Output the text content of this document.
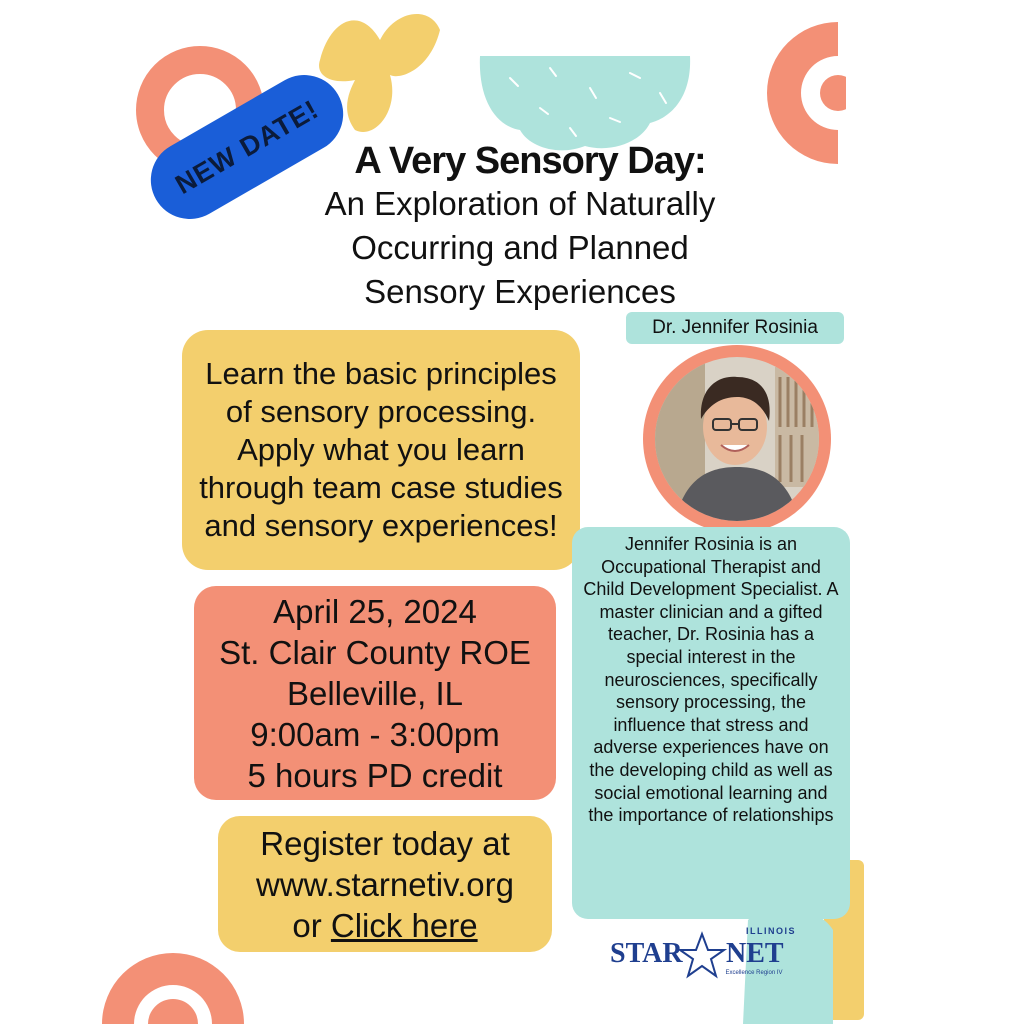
NEW DATE! A Very Sensory Day:
An Exploration of Naturally
Occurring and Planned
Sensory Experiences
Learn the basic principles of sensory processing. Apply what you learn through team case studies and sensory experiences!
April 25, 2024
St. Clair County ROE
Belleville, IL
9:00am - 3:00pm
5 hours PD credit
Register today at
www.starnetiv.org
or Click here
Dr. Jennifer Rosinia
Jennifer Rosinia is an Occupational Therapist and Child Development Specialist. A master clinician and a gifted teacher, Dr. Rosinia has a special interest in the neurosciences, specifically sensory processing, the influence that stress and adverse experiences have on the developing child as well as social emotional learning and the importance of relationships
ILLINOIS
STAR NET
Excellence Region IV
